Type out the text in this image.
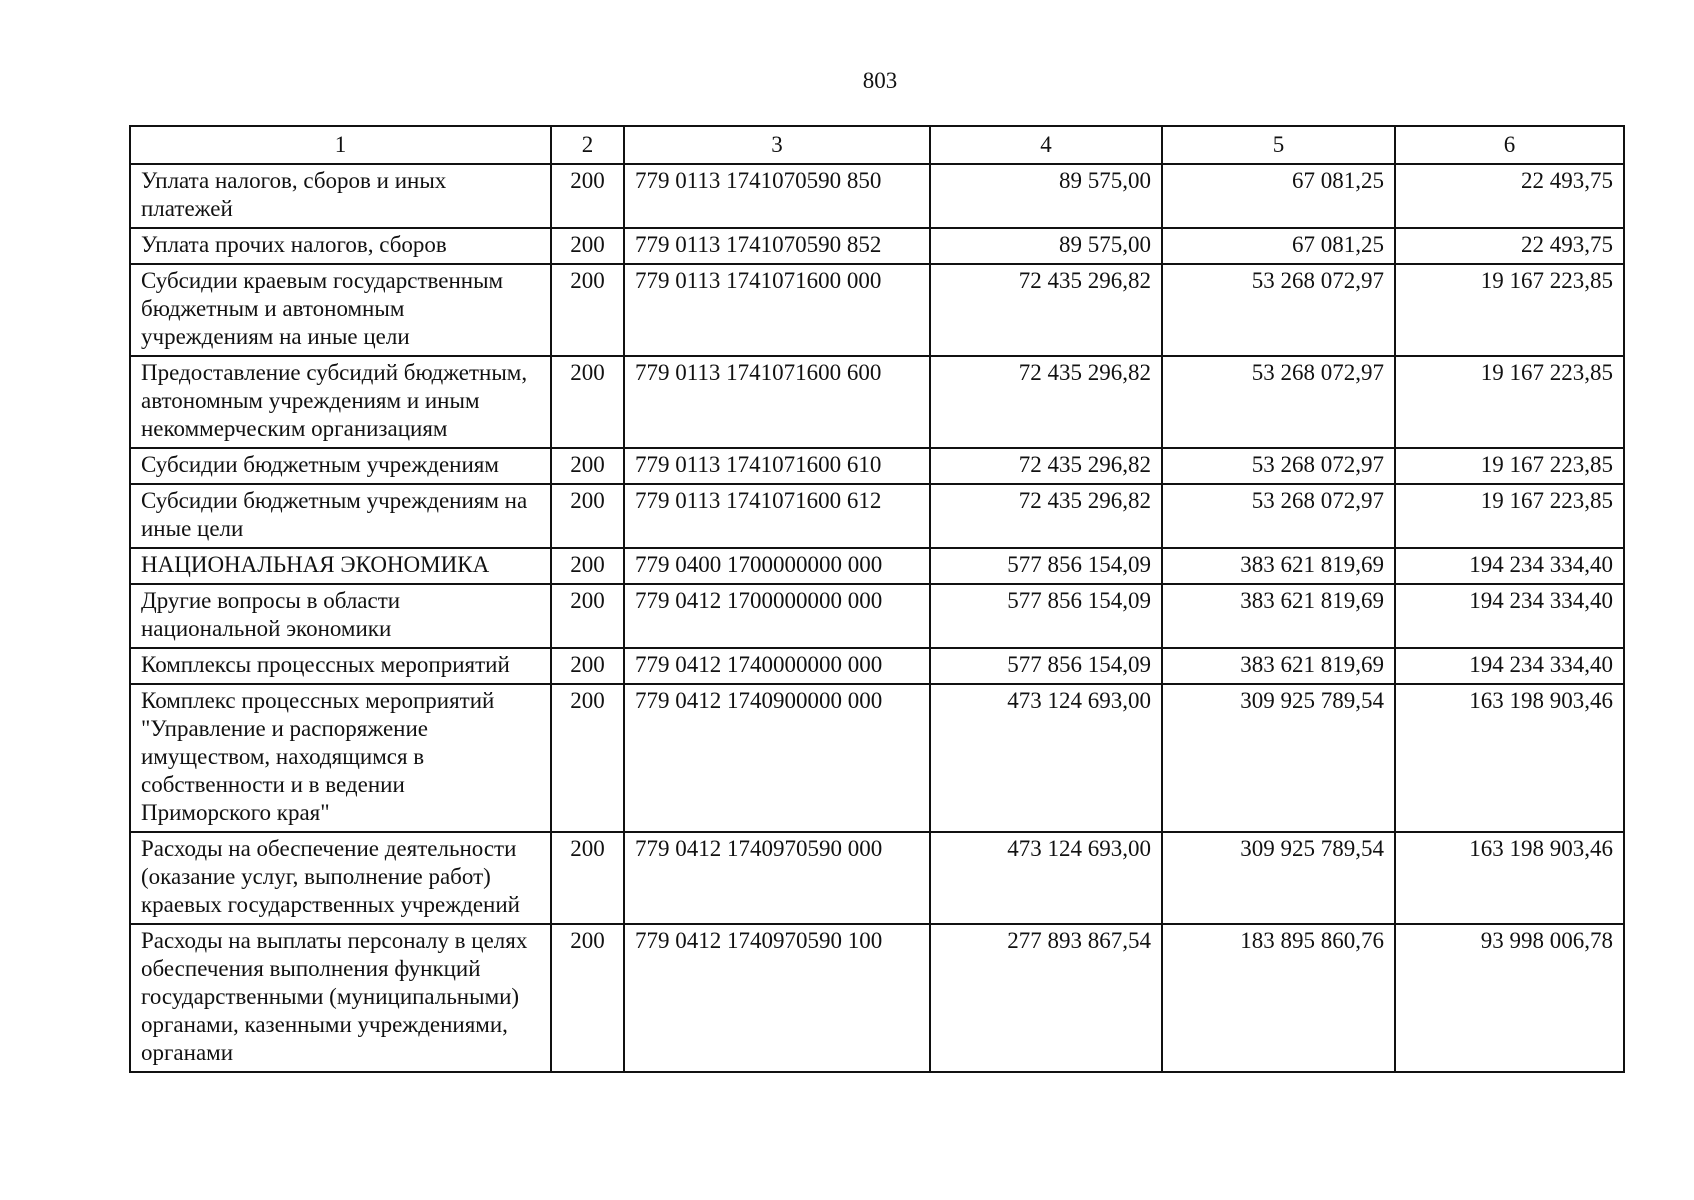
803
1	2	3	4	5	6
Уплата налогов, сборов и иных платежей	200	779 0113 1741070590 850	89 575,00	67 081,25	22 493,75
Уплата прочих налогов, сборов	200	779 0113 1741070590 852	89 575,00	67 081,25	22 493,75
Субсидии краевым государственным бюджетным и автономным учреждениям на иные цели	200	779 0113 1741071600 000	72 435 296,82	53 268 072,97	19 167 223,85
Предоставление субсидий бюджетным, автономным учреждениям и иным некоммерческим организациям	200	779 0113 1741071600 600	72 435 296,82	53 268 072,97	19 167 223,85
Субсидии бюджетным учреждениям	200	779 0113 1741071600 610	72 435 296,82	53 268 072,97	19 167 223,85
Субсидии бюджетным учреждениям на иные цели	200	779 0113 1741071600 612	72 435 296,82	53 268 072,97	19 167 223,85
НАЦИОНАЛЬНАЯ ЭКОНОМИКА	200	779 0400 1700000000 000	577 856 154,09	383 621 819,69	194 234 334,40
Другие вопросы в области национальной экономики	200	779 0412 1700000000 000	577 856 154,09	383 621 819,69	194 234 334,40
Комплексы процессных мероприятий	200	779 0412 1740000000 000	577 856 154,09	383 621 819,69	194 234 334,40
Комплекс процессных мероприятий "Управление и распоряжение имуществом, находящимся в собственности и в ведении Приморского края"	200	779 0412 1740900000 000	473 124 693,00	309 925 789,54	163 198 903,46
Расходы на обеспечение деятельности (оказание услуг, выполнение работ) краевых государственных учреждений	200	779 0412 1740970590 000	473 124 693,00	309 925 789,54	163 198 903,46
Расходы на выплаты персоналу в целях обеспечения выполнения функций государственными (муниципальными) органами, казенными учреждениями, органами	200	779 0412 1740970590 100	277 893 867,54	183 895 860,76	93 998 006,78
